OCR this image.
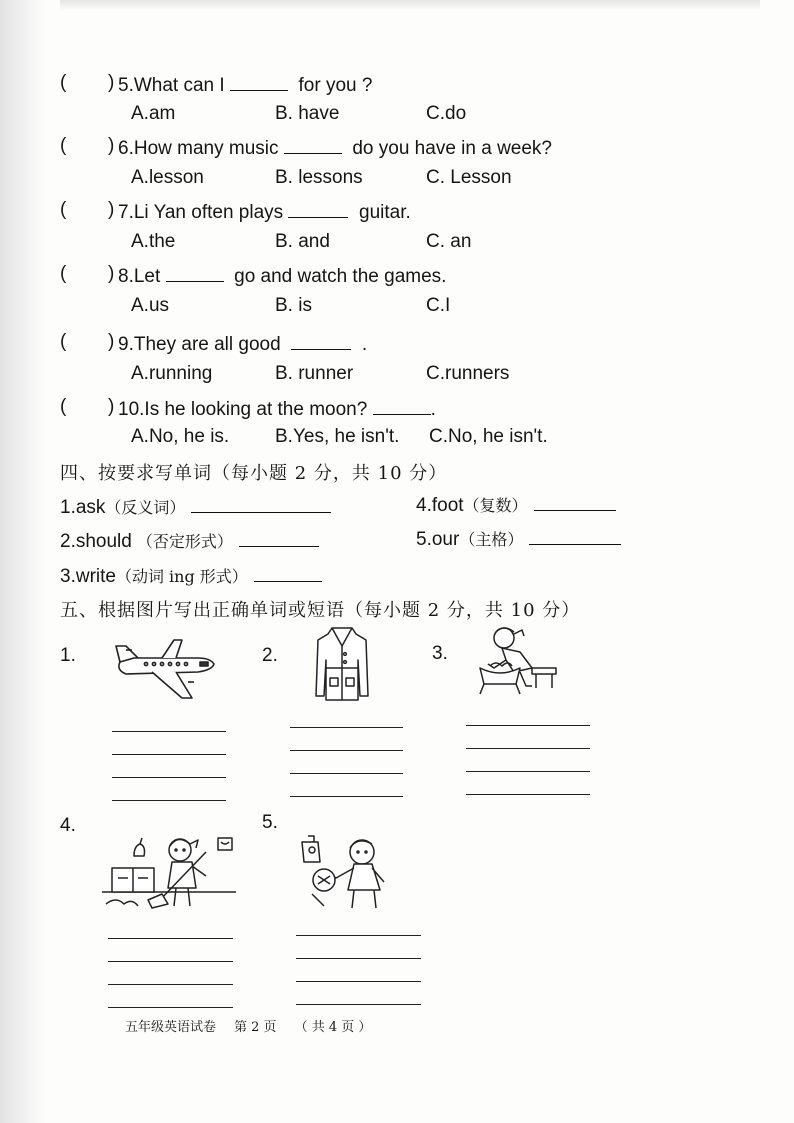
( ) 5.What can I	for you ?
A.am	B. have	C.do
( ) 6.How many music	do you have in a week?
A.lesson	B. lessons	C. Lesson
( ) 7.Li Yan often plays	guitar.
A.the	B. and	C. an
( ) 8.Let	go and watch the games.
A.us	B. is	C.I
( ) 9.They are all good	.
A.running	B. runner	C.runners
( ) 10.Is he looking at the moon?	.
A.No, he is. B.Yes, he isn't. C.No, he isn't.
四、按要求写单词（每小题 2 分，共 10 分）
1.ask（反义词）	4.foot（复数）
2.should （否定形式）	5.our（主格）
3.write（动词 ing 形式）
五、根据图片写出正确单词或短语（每小题 2 分，共 10 分）
1.	2.	3.
4.	5.
五年级英语试卷 第 2 页 （ 共 4 页 ）
